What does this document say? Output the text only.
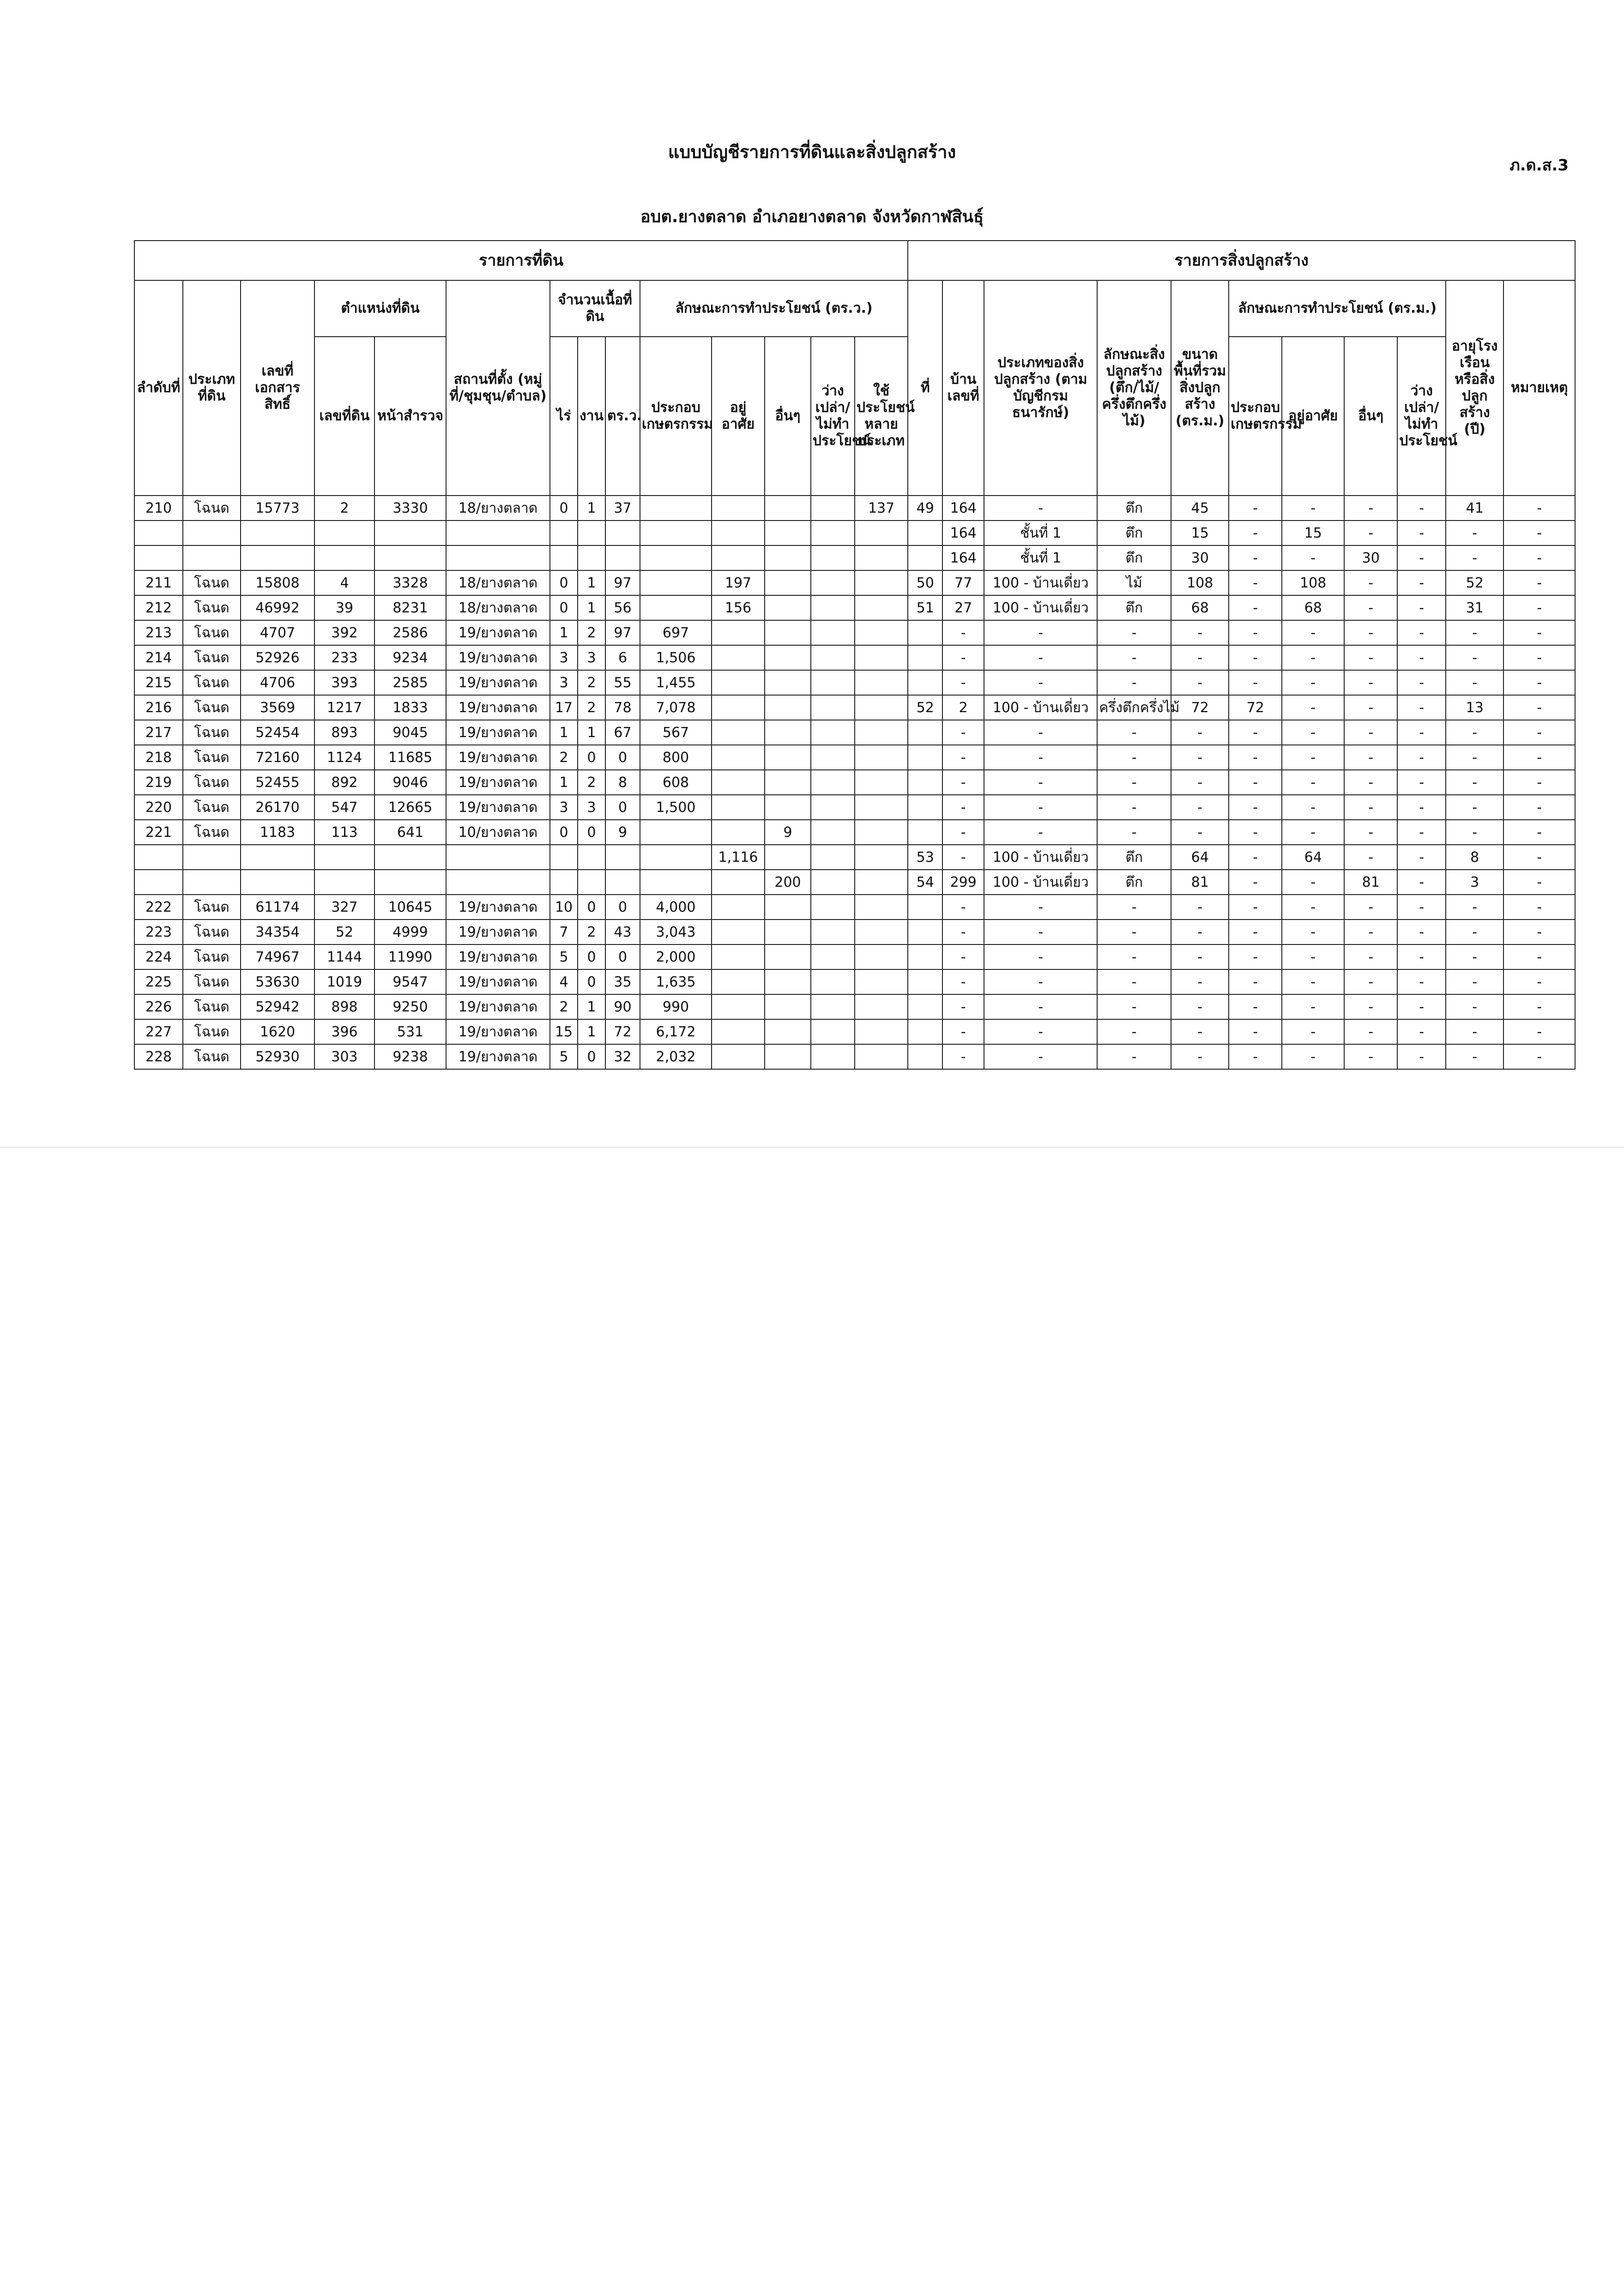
แบบบัญชีรายการที่ดินและสิ่งปลูกสร้าง
ภ.ด.ส.3
อบต.ยางตลาด อำเภอยางตลาด จังหวัดกาฬสินธุ์
รายการที่ดิน														รายการสิ่งปลูกสร้าง										
ลำดับที่	ประเภทที่ดิน	เลขที่เอกสารสิทธิ์	ตำแหน่งที่ดิน		สถานที่ตั้ง (หมู่ที่/ชุมชุน/ตำบล)	จำนวนเนื้อที่ดิน			ลักษณะการทำประโยชน์ (ตร.ว.)					ที่	บ้านเลขที่	ประเภทของสิ่งปลูกสร้าง (ตามบัญชีกรมธนารักษ์)	ลักษณะสิ่งปลูกสร้าง (ตึก/ไม้/ครึ่งตึกครึ่งไม้)	ขนาดพื้นที่รวมสิ่งปลูกสร้าง (ตร.ม.)	ลักษณะการทำประโยชน์ (ตร.ม.)				อายุโรงเรือนหรือสิ่งปลูกสร้าง (ปี)	หมายเหตุ
			เลขที่ดิน	หน้าสำรวจ		ไร่	งาน	ตร.ว.	ประกอบเกษตรกรรม	อยู่อาศัย	อื่นๆ	ว่างเปล่า/ไม่ทำประโยชน์	ใช้ประโยชน์หลายประเภท						ประกอบเกษตรกรรม	อยู่อาศัย	อื่นๆ	ว่างเปล่า/ไม่ทำประโยชน์		
210	โฉนด	15773	2	3330	18/ยางตลาด	0	1	37					137	49	164	-	ตึก	45	-	-	-	-	41	-
															164	ชั้นที่ 1	ตึก	15	-	15	-	-	-	-
															164	ชั้นที่ 1	ตึก	30	-	-	30	-	-	-
211	โฉนด	15808	4	3328	18/ยางตลาด	0	1	97		197				50	77	100 - บ้านเดี่ยว	ไม้	108	-	108	-	-	52	-
212	โฉนด	46992	39	8231	18/ยางตลาด	0	1	56		156				51	27	100 - บ้านเดี่ยว	ตึก	68	-	68	-	-	31	-
213	โฉนด	4707	392	2586	19/ยางตลาด	1	2	97	697						-	-	-	-	-	-	-	-	-	-
214	โฉนด	52926	233	9234	19/ยางตลาด	3	3	6	1,506						-	-	-	-	-	-	-	-	-	-
215	โฉนด	4706	393	2585	19/ยางตลาด	3	2	55	1,455						-	-	-	-	-	-	-	-	-	-
216	โฉนด	3569	1217	1833	19/ยางตลาด	17	2	78	7,078					52	2	100 - บ้านเดี่ยว	ครึ่งตึกครึ่งไม้	72	72	-	-	-	13	-
217	โฉนด	52454	893	9045	19/ยางตลาด	1	1	67	567						-	-	-	-	-	-	-	-	-	-
218	โฉนด	72160	1124	11685	19/ยางตลาด	2	0	0	800						-	-	-	-	-	-	-	-	-	-
219	โฉนด	52455	892	9046	19/ยางตลาด	1	2	8	608						-	-	-	-	-	-	-	-	-	-
220	โฉนด	26170	547	12665	19/ยางตลาด	3	3	0	1,500						-	-	-	-	-	-	-	-	-	-
221	โฉนด	1183	113	641	10/ยางตลาด	0	0	9			9				-	-	-	-	-	-	-	-	-	-
										1,116				53	-	100 - บ้านเดี่ยว	ตึก	64	-	64	-	-	8	-
											200			54	299	100 - บ้านเดี่ยว	ตึก	81	-	-	81	-	3	-
222	โฉนด	61174	327	10645	19/ยางตลาด	10	0	0	4,000						-	-	-	-	-	-	-	-	-	-
223	โฉนด	34354	52	4999	19/ยางตลาด	7	2	43	3,043						-	-	-	-	-	-	-	-	-	-
224	โฉนด	74967	1144	11990	19/ยางตลาด	5	0	0	2,000						-	-	-	-	-	-	-	-	-	-
225	โฉนด	53630	1019	9547	19/ยางตลาด	4	0	35	1,635						-	-	-	-	-	-	-	-	-	-
226	โฉนด	52942	898	9250	19/ยางตลาด	2	1	90	990						-	-	-	-	-	-	-	-	-	-
227	โฉนด	1620	396	531	19/ยางตลาด	15	1	72	6,172						-	-	-	-	-	-	-	-	-	-
228	โฉนด	52930	303	9238	19/ยางตลาด	5	0	32	2,032						-	-	-	-	-	-	-	-	-	-
